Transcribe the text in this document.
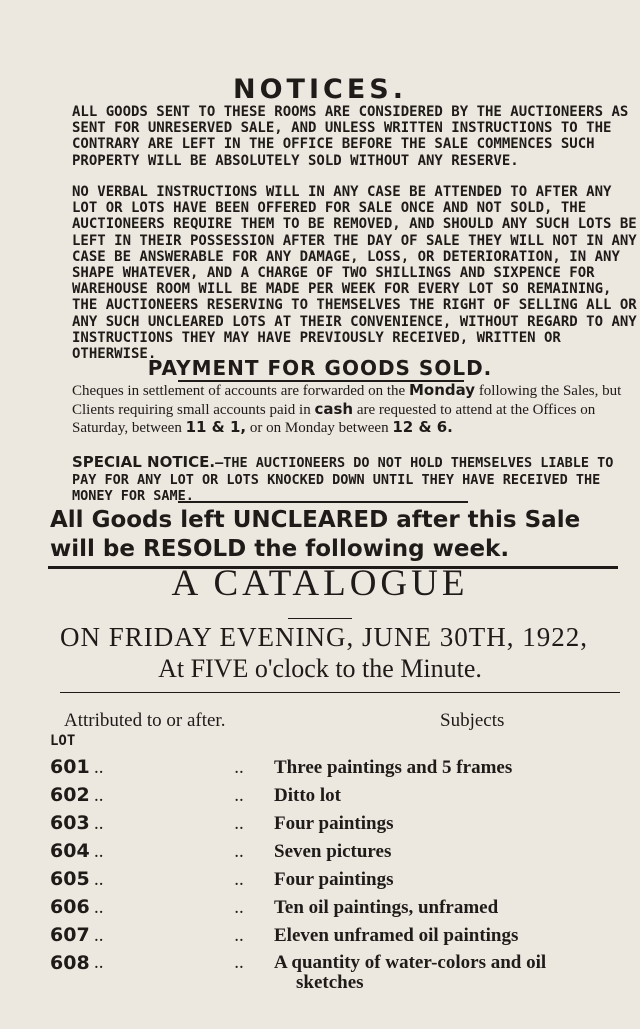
NOTICES.
ALL GOODS SENT TO THESE ROOMS ARE CONSIDERED BY THE AUCTIONEERS AS SENT FOR UNRESERVED SALE, AND UNLESS WRITTEN INSTRUCTIONS TO THE CONTRARY ARE LEFT IN THE OFFICE BEFORE THE SALE COMMENCES SUCH PROPERTY WILL BE ABSOLUTELY SOLD WITHOUT ANY RESERVE.
NO VERBAL INSTRUCTIONS WILL IN ANY CASE BE ATTENDED TO AFTER ANY LOT OR LOTS HAVE BEEN OFFERED FOR SALE ONCE AND NOT SOLD, THE AUCTIONEERS REQUIRE THEM TO BE REMOVED, AND SHOULD ANY SUCH LOTS BE LEFT IN THEIR POSSESSION AFTER THE DAY OF SALE THEY WILL NOT IN ANY CASE BE ANSWERABLE FOR ANY DAMAGE, LOSS, OR DETERIORATION, IN ANY SHAPE WHATEVER, AND A CHARGE OF TWO SHILLINGS AND SIXPENCE FOR WAREHOUSE ROOM WILL BE MADE PER WEEK FOR EVERY LOT SO REMAINING, THE AUCTIONEERS RESERVING TO THEMSELVES THE RIGHT OF SELLING ALL OR ANY SUCH UNCLEARED LOTS AT THEIR CONVENIENCE, WITHOUT REGARD TO ANY INSTRUCTIONS THEY MAY HAVE PREVIOUSLY RECEIVED, WRITTEN OR OTHERWISE.
PAYMENT FOR GOODS SOLD.
Cheques in settlement of accounts are forwarded on the Monday following the Sales, but Clients requiring small accounts paid in cash are requested to attend at the Offices on Saturday, between 11 & 1, or on Monday between 12 & 6.
SPECIAL NOTICE.—THE AUCTIONEERS DO NOT HOLD THEMSELVES LIABLE TO PAY FOR ANY LOT OR LOTS KNOCKED DOWN UNTIL THEY HAVE RECEIVED THE MONEY FOR SAME.
All Goods left UNCLEARED after this Sale will be RESOLD the following week.
A CATALOGUE
ON FRIDAY EVENING, JUNE 30TH, 1922,
At FIVE o'clock to the Minute.
Attributed to or after.	Subjects
LOT
601 ..	..	Three paintings and 5 frames
602 ..	..	Ditto lot
603 ..	..	Four paintings
604 ..	..	Seven pictures
605 ..	..	Four paintings
606 ..	..	Ten oil paintings, unframed
607 ..	..	Eleven unframed oil paintings
608 ..	..	A quantity of water-colors and oil
sketches
